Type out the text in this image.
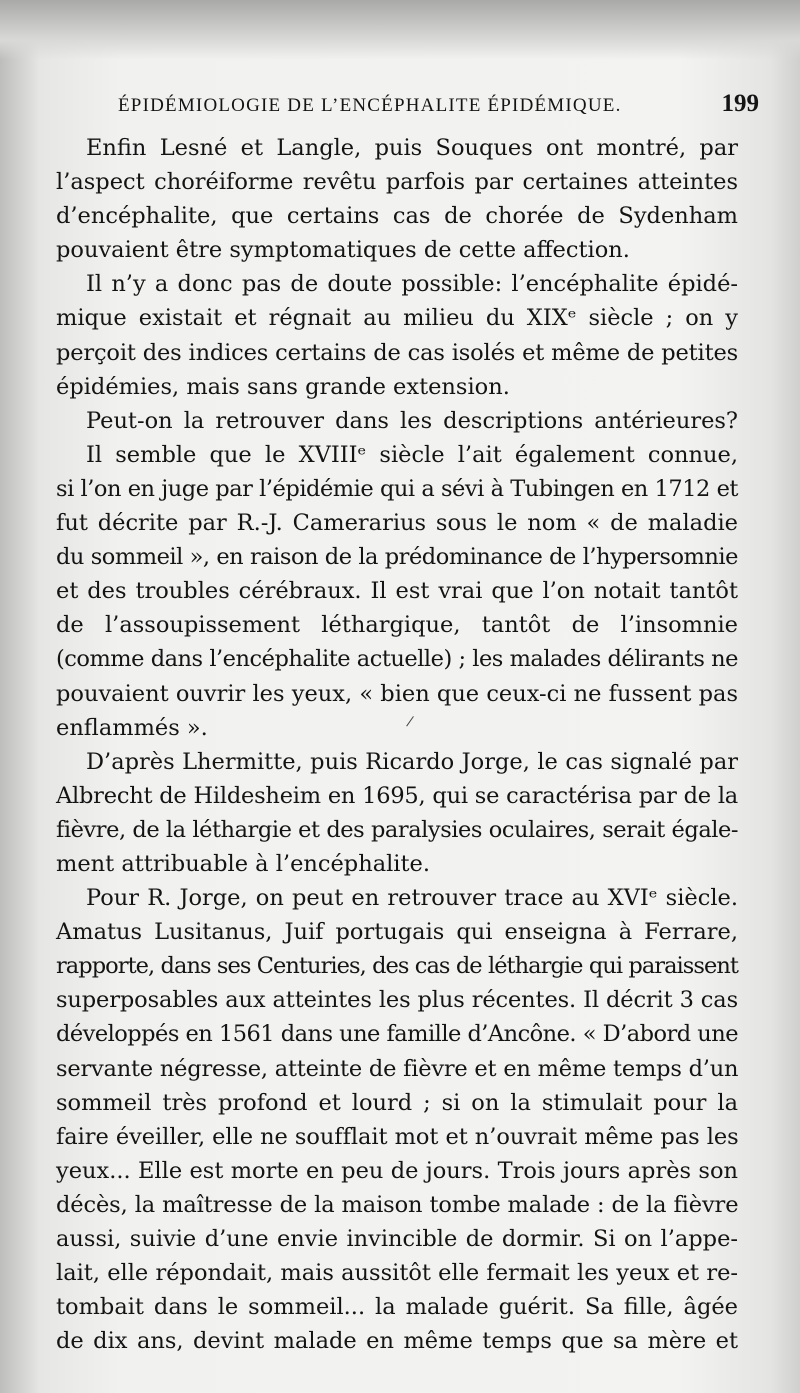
ÉPIDÉMIOLOGIE DE L’ENCÉPHALITE ÉPIDÉMIQUE.	199
Enfin Lesné et Langle, puis Souques ont montré, par
l’aspect choréiforme revêtu parfois par certaines atteintes
d’encéphalite, que certains cas de chorée de Sydenham
pouvaient être symptomatiques de cette affection.
Il n’y a donc pas de doute possible: l’encéphalite épidé-
mique existait et régnait au milieu du XIXᵉ siècle ; on y
perçoit des indices certains de cas isolés et même de petites
épidémies, mais sans grande extension.
Peut-on la retrouver dans les descriptions antérieures?
Il semble que le XVIIIᵉ siècle l’ait également connue,
si l’on en juge par l’épidémie qui a sévi à Tubingen en 1712 et
fut décrite par R.-J. Camerarius sous le nom « de maladie
du sommeil », en raison de la prédominance de l’hypersomnie
et des troubles cérébraux. Il est vrai que l’on notait tantôt
de l’assoupissement léthargique, tantôt de l’insomnie
(comme dans l’encéphalite actuelle) ; les malades délirants ne
pouvaient ouvrir les yeux, « bien que ceux-ci ne fussent pas
enflammés ».
D’après Lhermitte, puis Ricardo Jorge, le cas signalé par
Albrecht de Hildesheim en 1695, qui se caractérisa par de la
fièvre, de la léthargie et des paralysies oculaires, serait égale-
ment attribuable à l’encéphalite.
Pour R. Jorge, on peut en retrouver trace au XVIᵉ siècle.
Amatus Lusitanus, Juif portugais qui enseigna à Ferrare,
rapporte, dans ses Centuries, des cas de léthargie qui paraissent
superposables aux atteintes les plus récentes. Il décrit 3 cas
développés en 1561 dans une famille d’Ancône. « D’abord une
servante négresse, atteinte de fièvre et en même temps d’un
sommeil très profond et lourd ; si on la stimulait pour la
faire éveiller, elle ne soufflait mot et n’ouvrait même pas les
yeux... Elle est morte en peu de jours. Trois jours après son
décès, la maîtresse de la maison tombe malade : de la fièvre
aussi, suivie d’une envie invincible de dormir. Si on l’appe-
lait, elle répondait, mais aussitôt elle fermait les yeux et re-
tombait dans le sommeil... la malade guérit. Sa fille, âgée
de dix ans, devint malade en même temps que sa mère et
